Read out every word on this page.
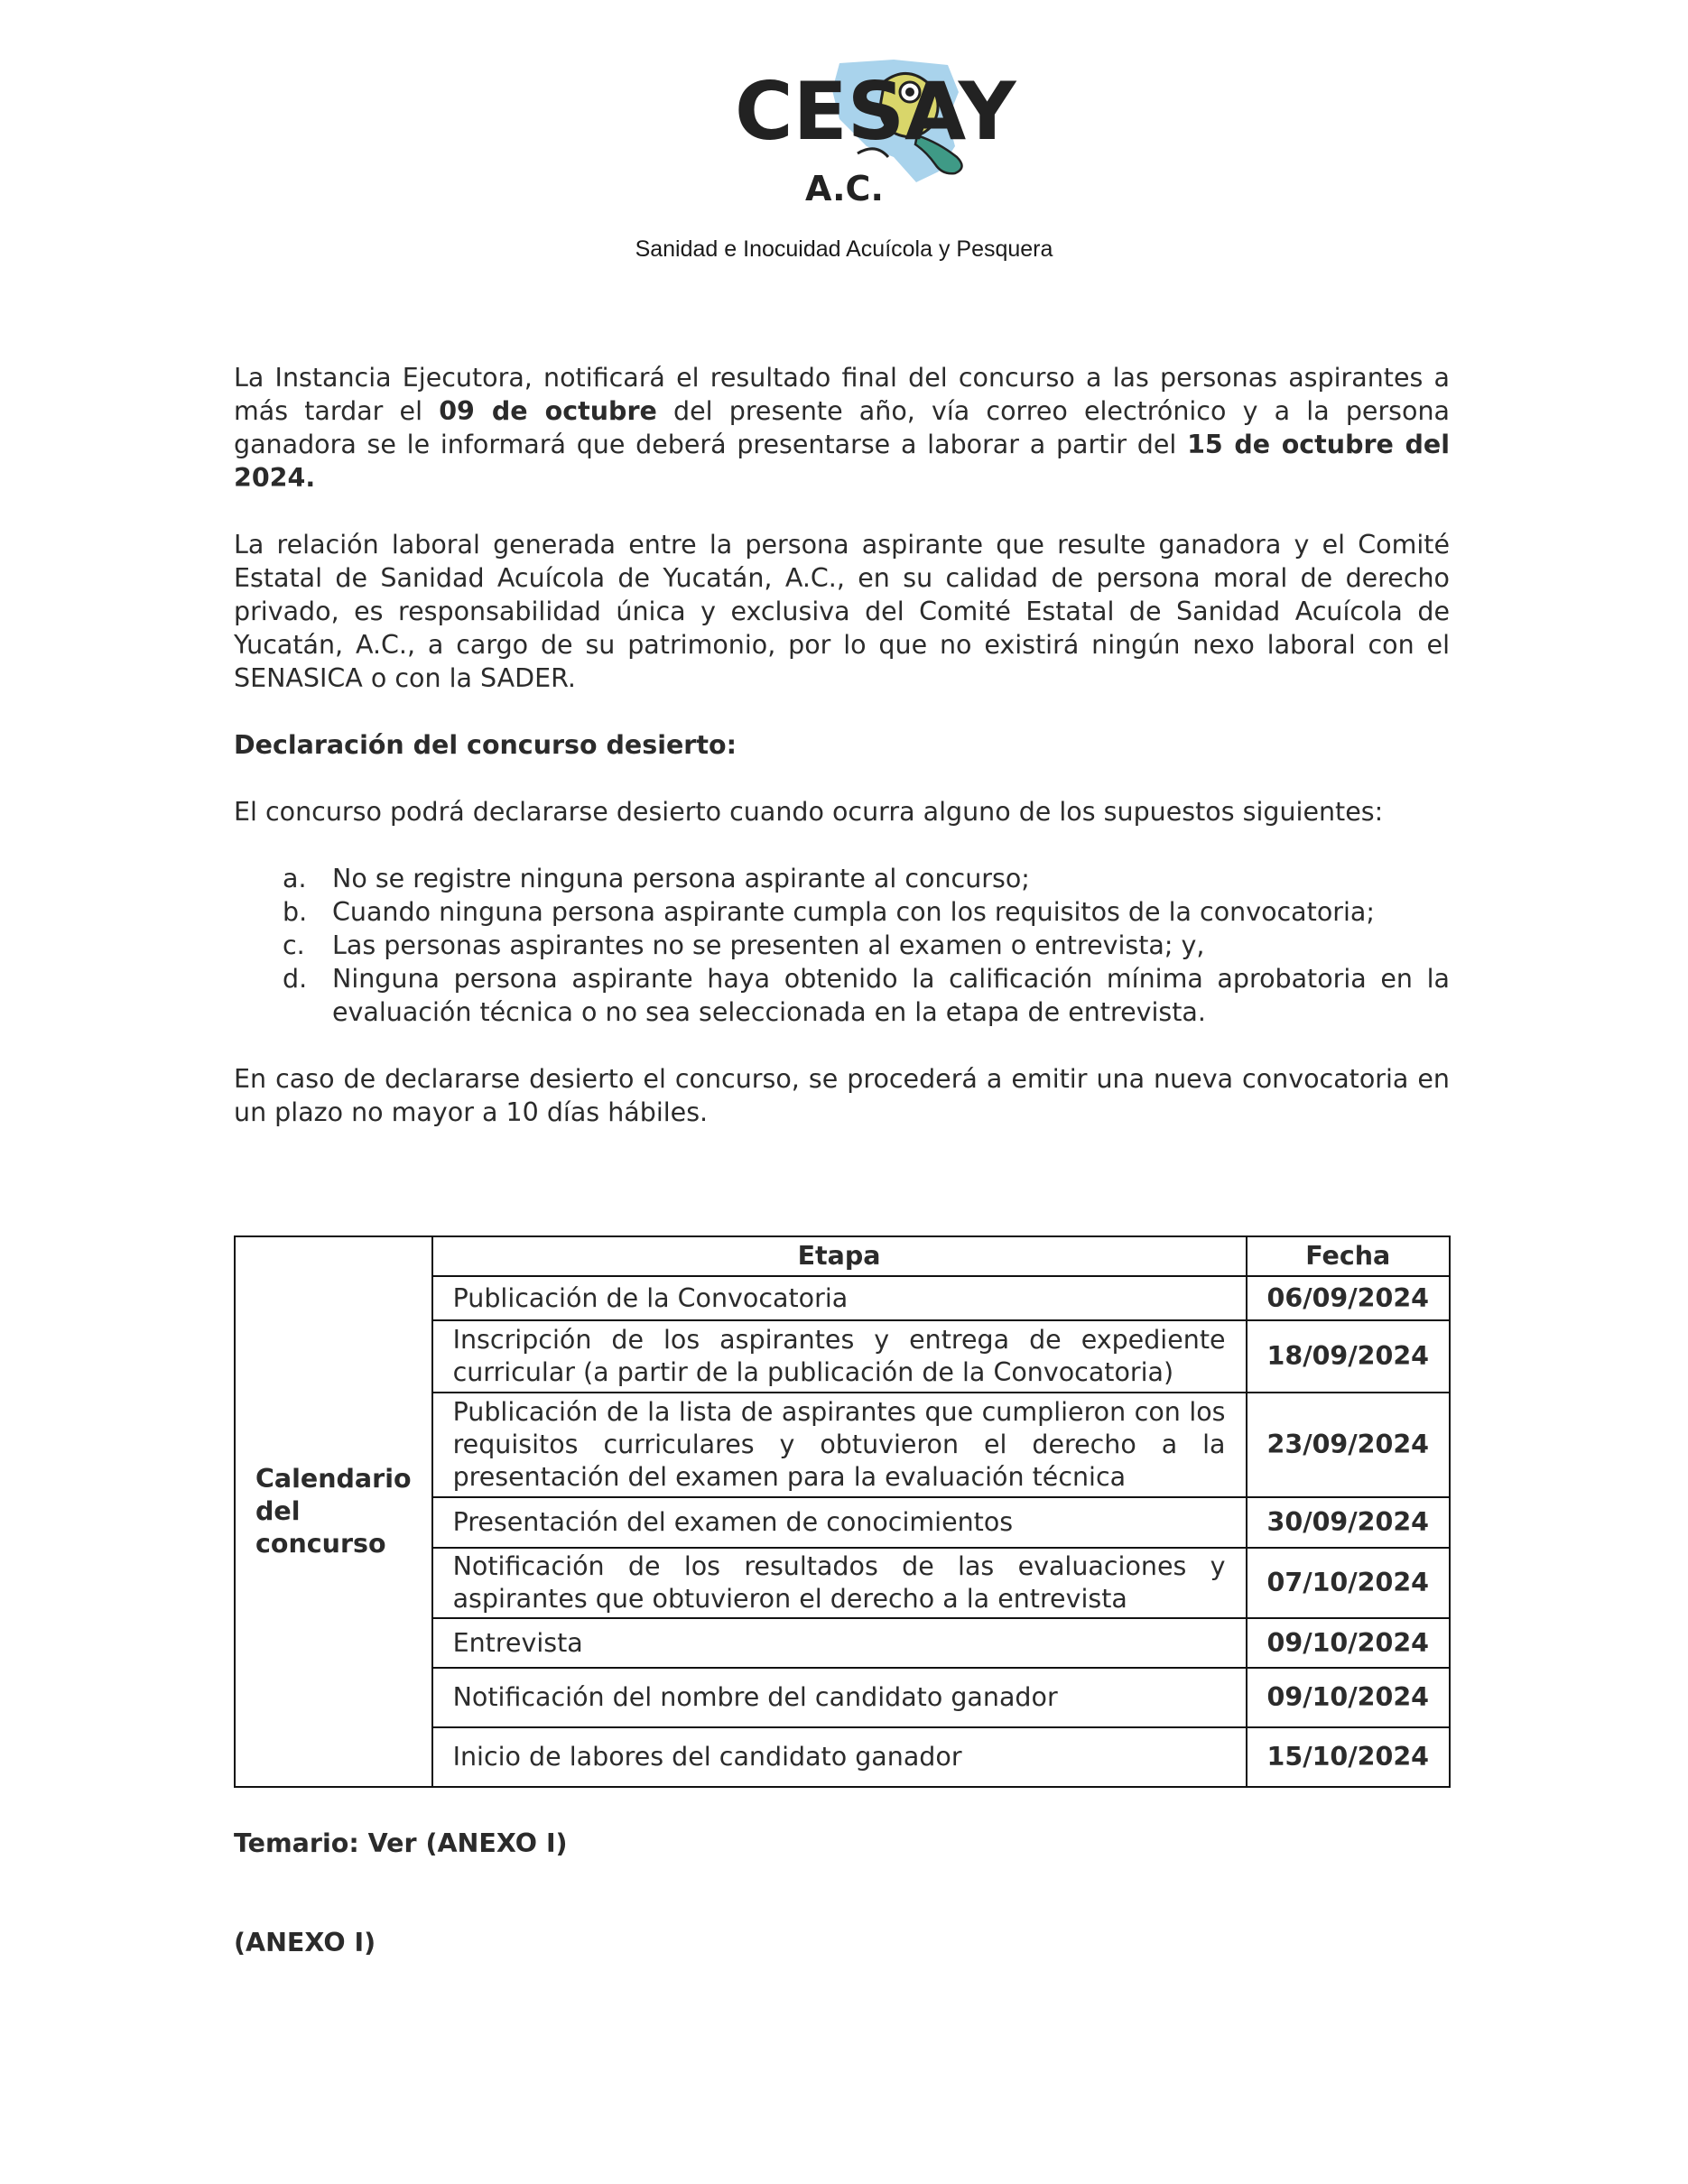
CESAY
A.C.
Sanidad e Inocuidad Acuícola y Pesquera

La Instancia Ejecutora, notificará el resultado final del concurso a las personas aspirantes a más tardar el 09 de octubre del presente año, vía correo electrónico y a la persona ganadora se le informará que deberá presentarse a laborar a partir del 15 de octubre del 2024.

La relación laboral generada entre la persona aspirante que resulte ganadora y el Comité Estatal de Sanidad Acuícola de Yucatán, A.C., en su calidad de persona moral de derecho privado, es responsabilidad única y exclusiva del Comité Estatal de Sanidad Acuícola de Yucatán, A.C., a cargo de su patrimonio, por lo que no existirá ningún nexo laboral con el SENASICA o con la SADER.

Declaración del concurso desierto:

El concurso podrá declararse desierto cuando ocurra alguno de los supuestos siguientes:

a. No se registre ninguna persona aspirante al concurso;
b. Cuando ninguna persona aspirante cumpla con los requisitos de la convocatoria;
c. Las personas aspirantes no se presenten al examen o entrevista; y,
d. Ninguna persona aspirante haya obtenido la calificación mínima aprobatoria en la evaluación técnica o no sea seleccionada en la etapa de entrevista.

En caso de declararse desierto el concurso, se procederá a emitir una nueva convocatoria en un plazo no mayor a 10 días hábiles.

Calendario del concurso	Etapa	Fecha
	Publicación de la Convocatoria	06/09/2024
	Inscripción de los aspirantes y entrega de expediente curricular (a partir de la publicación de la Convocatoria)	18/09/2024
	Publicación de la lista de aspirantes que cumplieron con los requisitos curriculares y obtuvieron el derecho a la presentación del examen para la evaluación técnica	23/09/2024
	Presentación del examen de conocimientos	30/09/2024
	Notificación de los resultados de las evaluaciones y aspirantes que obtuvieron el derecho a la entrevista	07/10/2024
	Entrevista	09/10/2024
	Notificación del nombre del candidato ganador	09/10/2024
	Inicio de labores del candidato ganador	15/10/2024
Temario: Ver (ANEXO I)
(ANEXO I)
